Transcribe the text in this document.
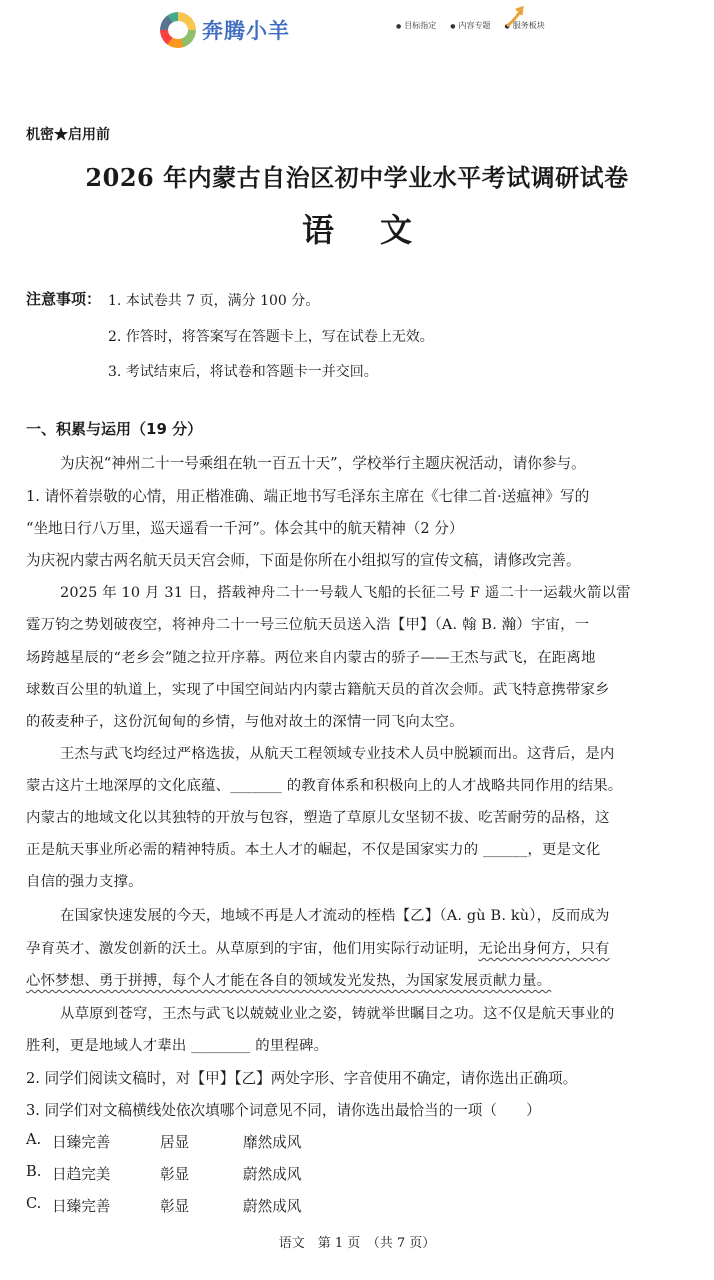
奔腾小羊	● 目标指定	● 内容专题	● 服务板块
机密★启用前
2026 年内蒙古自治区初中学业水平考试调研试卷
语文
注意事项： 1. 本试卷共 7 页，满分 100 分。
2. 作答时，将答案写在答题卡上，写在试卷上无效。
3. 考试结束后，将试卷和答题卡一并交回。
一、积累与运用（19 分）
为庆祝“神州二十一号乘组在轨一百五十天”，学校举行主题庆祝活动，请你参与。
1. 请怀着崇敬的心情，用正楷准确、端正地书写毛泽东主席在《七律二首·送瘟神》写的
“坐地日行八万里，巡天遥看一千河”。体会其中的航天精神（2 分）
为庆祝内蒙古两名航天员天宫会师，下面是你所在小组拟写的宣传文稿，请修改完善。
2025 年 10 月 31 日，搭载神舟二十一号载人飞船的长征二号 F 遥二十一运载火箭以雷
霆万钧之势划破夜空，将神舟二十一号三位航天员送入浩【甲】（A. 翰 B. 瀚）宇宙，一
场跨越星辰的“老乡会”随之拉开序幕。两位来自内蒙古的骄子——王杰与武飞，在距离地
球数百公里的轨道上，实现了中国空间站内内蒙古籍航天员的首次会师。武飞特意携带家乡
的莜麦种子，这份沉甸甸的乡情，与他对故土的深情一同飞向太空。
王杰与武飞均经过严格选拔，从航天工程领域专业技术人员中脱颖而出。这背后，是内
蒙古这片土地深厚的文化底蕴、_______ 的教育体系和积极向上的人才战略共同作用的结果。
内蒙古的地域文化以其独特的开放与包容，塑造了草原儿女坚韧不拔、吃苦耐劳的品格，这
正是航天事业所必需的精神特质。本土人才的崛起，不仅是国家实力的 ______，更是文化
自信的强力支撑。
在国家快速发展的今天，地域不再是人才流动的桎梏【乙】（A. gù B. kù），反而成为
孕育英才、激发创新的沃土。从草原到的宇宙，他们用实际行动证明，无论出身何方，只有
心怀梦想、勇于拼搏，每个人才能在各自的领域发光发热，为国家发展贡献力量。
从草原到苍穹，王杰与武飞以兢兢业业之姿，铸就举世瞩目之功。这不仅是航天事业的
胜利，更是地域人才辈出 ________ 的里程碑。
2. 同学们阅读文稿时，对【甲】【乙】两处字形、字音使用不确定，请你选出正确项。
3. 同学们对文稿横线处依次填哪个词意见不同，请你选出最恰当的一项（　　）
A. 日臻完善	居显	靡然成风
B. 日趋完美	彰显	蔚然成风
C. 日臻完善	彰显	蔚然成风
语文　第 1 页　（共 7 页）
